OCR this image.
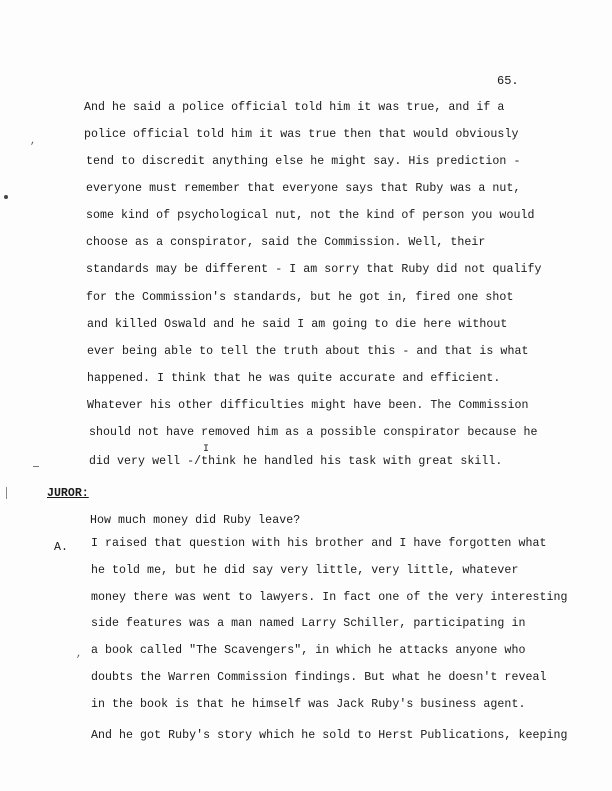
65.
And he said a police official told him it was true, and if a
police official told him it was true then that would obviously
tend to discredit anything else he might say. His prediction -
everyone must remember that everyone says that Ruby was a nut,
some kind of psychological nut, not the kind of person you would
choose as a conspirator, said the Commission. Well, their
standards may be different - I am sorry that Ruby did not qualify
for the Commission's standards, but he got in, fired one shot
and killed Oswald and he said I am going to die here without
ever being able to tell the truth about this - and that is what
happened. I think that he was quite accurate and efficient.
Whatever his other difficulties might have been. The Commission
should not have removed him as a possible conspirator because he
I
did very well -/think he handled his task with great skill.
JUROR:
How much money did Ruby leave?
A. I raised that question with his brother and I have forgotten what
he told me, but he did say very little, very little, whatever
money there was went to lawyers. In fact one of the very interesting
side features was a man named Larry Schiller, participating in
a book called "The Scavengers", in which he attacks anyone who
doubts the Warren Commission findings. But what he doesn't reveal
in the book is that he himself was Jack Ruby's business agent.
And he got Ruby's story which he sold to Herst Publications, keeping
,
,
